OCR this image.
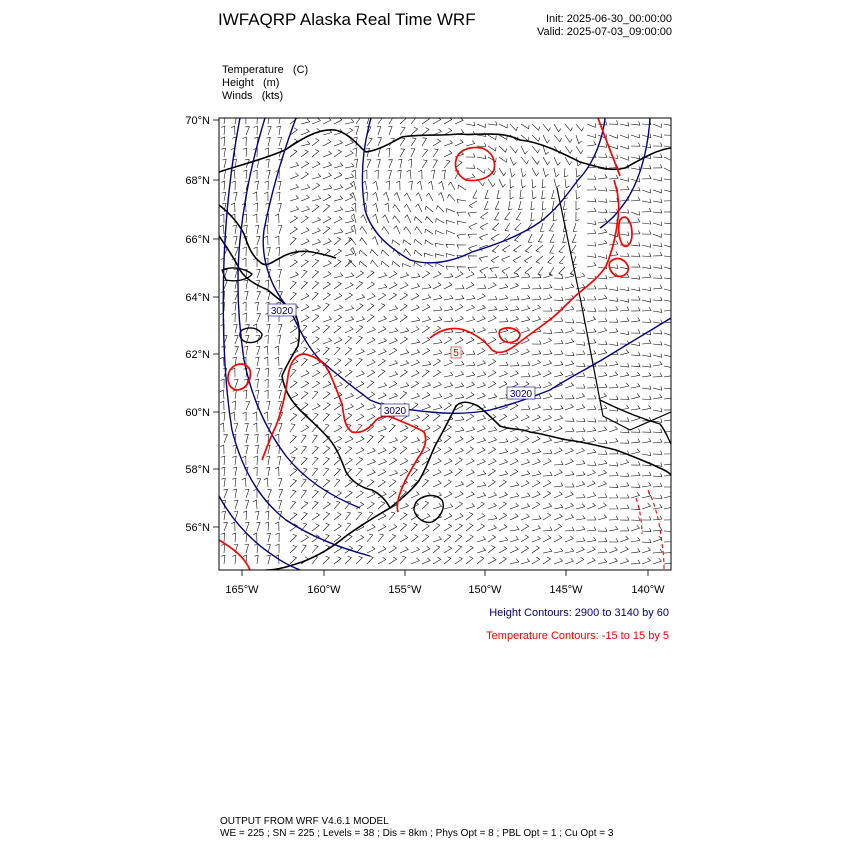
IWFAQRP Alaska Real Time WRF	Init: 2025-06-30_00:00:00
Valid: 2025-07-03_09:00:00
Temperature   (C)
Height   (m)
Winds   (kts)
3020
3020
3020
5
70°N
68°N
66°N
64°N
62°N
60°N
58°N
56°N
165°W	160°W	155°W	150°W	145°W	140°W
Height Contours: 2900 to 3140 by 60
Temperature Contours: -15 to 15 by 5
OUTPUT FROM WRF V4.6.1 MODEL
WE = 225 ; SN = 225 ; Levels = 38 ; Dis = 8km ; Phys Opt = 8 ; PBL Opt = 1 ; Cu Opt = 3
